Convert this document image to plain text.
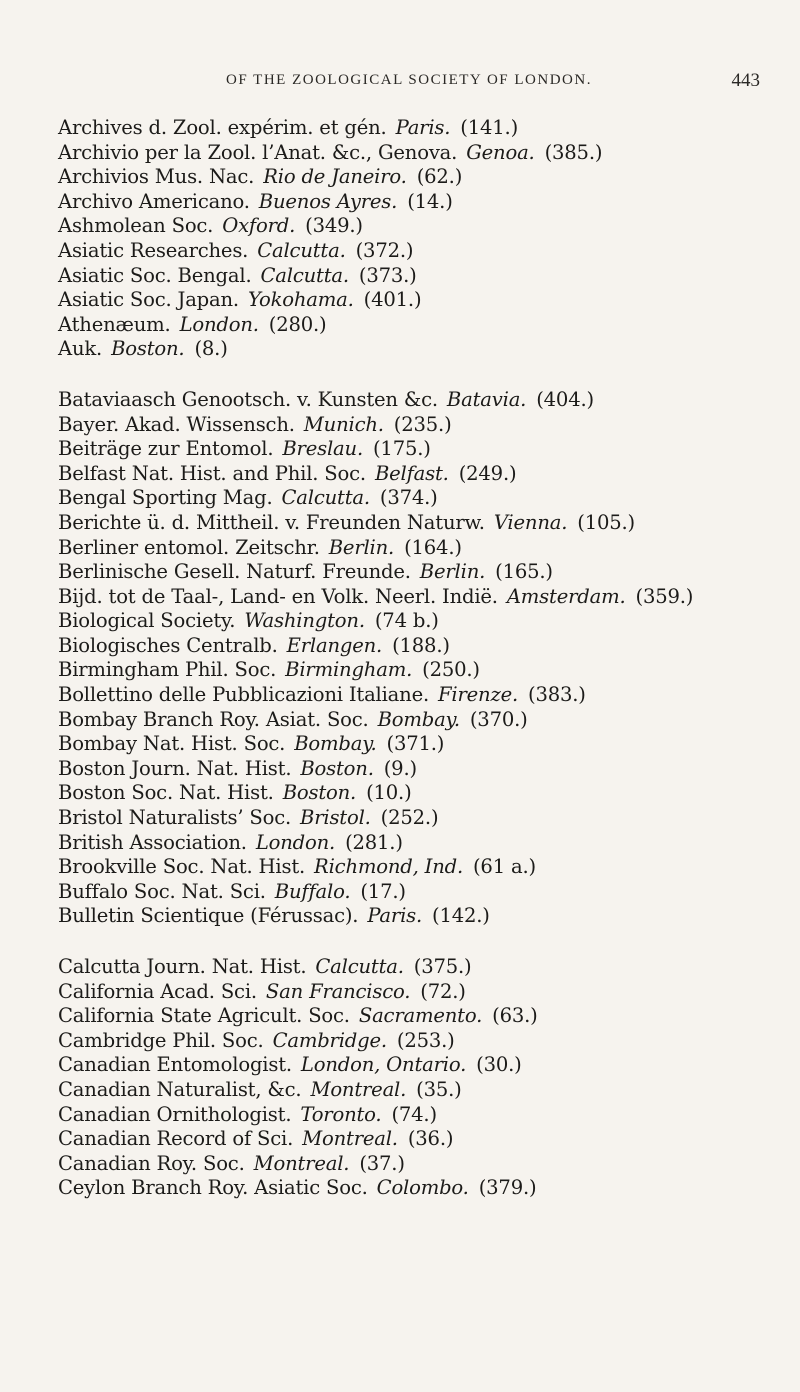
OF THE ZOOLOGICAL SOCIETY OF LONDON.	443
Archives d. Zool. expérim. et gén. Paris. (141.)
Archivio per la Zool. l’Anat. &c., Genova. Genoa. (385.)
Archivios Mus. Nac. Rio de Janeiro. (62.)
Archivo Americano. Buenos Ayres. (14.)
Ashmolean Soc. Oxford. (349.)
Asiatic Researches. Calcutta. (372.)
Asiatic Soc. Bengal. Calcutta. (373.)
Asiatic Soc. Japan. Yokohama. (401.)
Athenæum. London. (280.)
Auk. Boston. (8.)
Bataviaasch Genootsch. v. Kunsten &c. Batavia. (404.)
Bayer. Akad. Wissensch. Munich. (235.)
Beiträge zur Entomol. Breslau. (175.)
Belfast Nat. Hist. and Phil. Soc. Belfast. (249.)
Bengal Sporting Mag. Calcutta. (374.)
Berichte ü. d. Mittheil. v. Freunden Naturw. Vienna. (105.)
Berliner entomol. Zeitschr. Berlin. (164.)
Berlinische Gesell. Naturf. Freunde. Berlin. (165.)
Bijd. tot de Taal-, Land- en Volk. Neerl. Indië. Amsterdam. (359.)
Biological Society. Washington. (74 b.)
Biologisches Centralb. Erlangen. (188.)
Birmingham Phil. Soc. Birmingham. (250.)
Bollettino delle Pubblicazioni Italiane. Firenze. (383.)
Bombay Branch Roy. Asiat. Soc. Bombay. (370.)
Bombay Nat. Hist. Soc. Bombay. (371.)
Boston Journ. Nat. Hist. Boston. (9.)
Boston Soc. Nat. Hist. Boston. (10.)
Bristol Naturalists’ Soc. Bristol. (252.)
British Association. London. (281.)
Brookville Soc. Nat. Hist. Richmond, Ind. (61 a.)
Buffalo Soc. Nat. Sci. Buffalo. (17.)
Bulletin Scientique (Férussac). Paris. (142.)
Calcutta Journ. Nat. Hist. Calcutta. (375.)
California Acad. Sci. San Francisco. (72.)
California State Agricult. Soc. Sacramento. (63.)
Cambridge Phil. Soc. Cambridge. (253.)
Canadian Entomologist. London, Ontario. (30.)
Canadian Naturalist, &c. Montreal. (35.)
Canadian Ornithologist. Toronto. (74.)
Canadian Record of Sci. Montreal. (36.)
Canadian Roy. Soc. Montreal. (37.)
Ceylon Branch Roy. Asiatic Soc. Colombo. (379.)
